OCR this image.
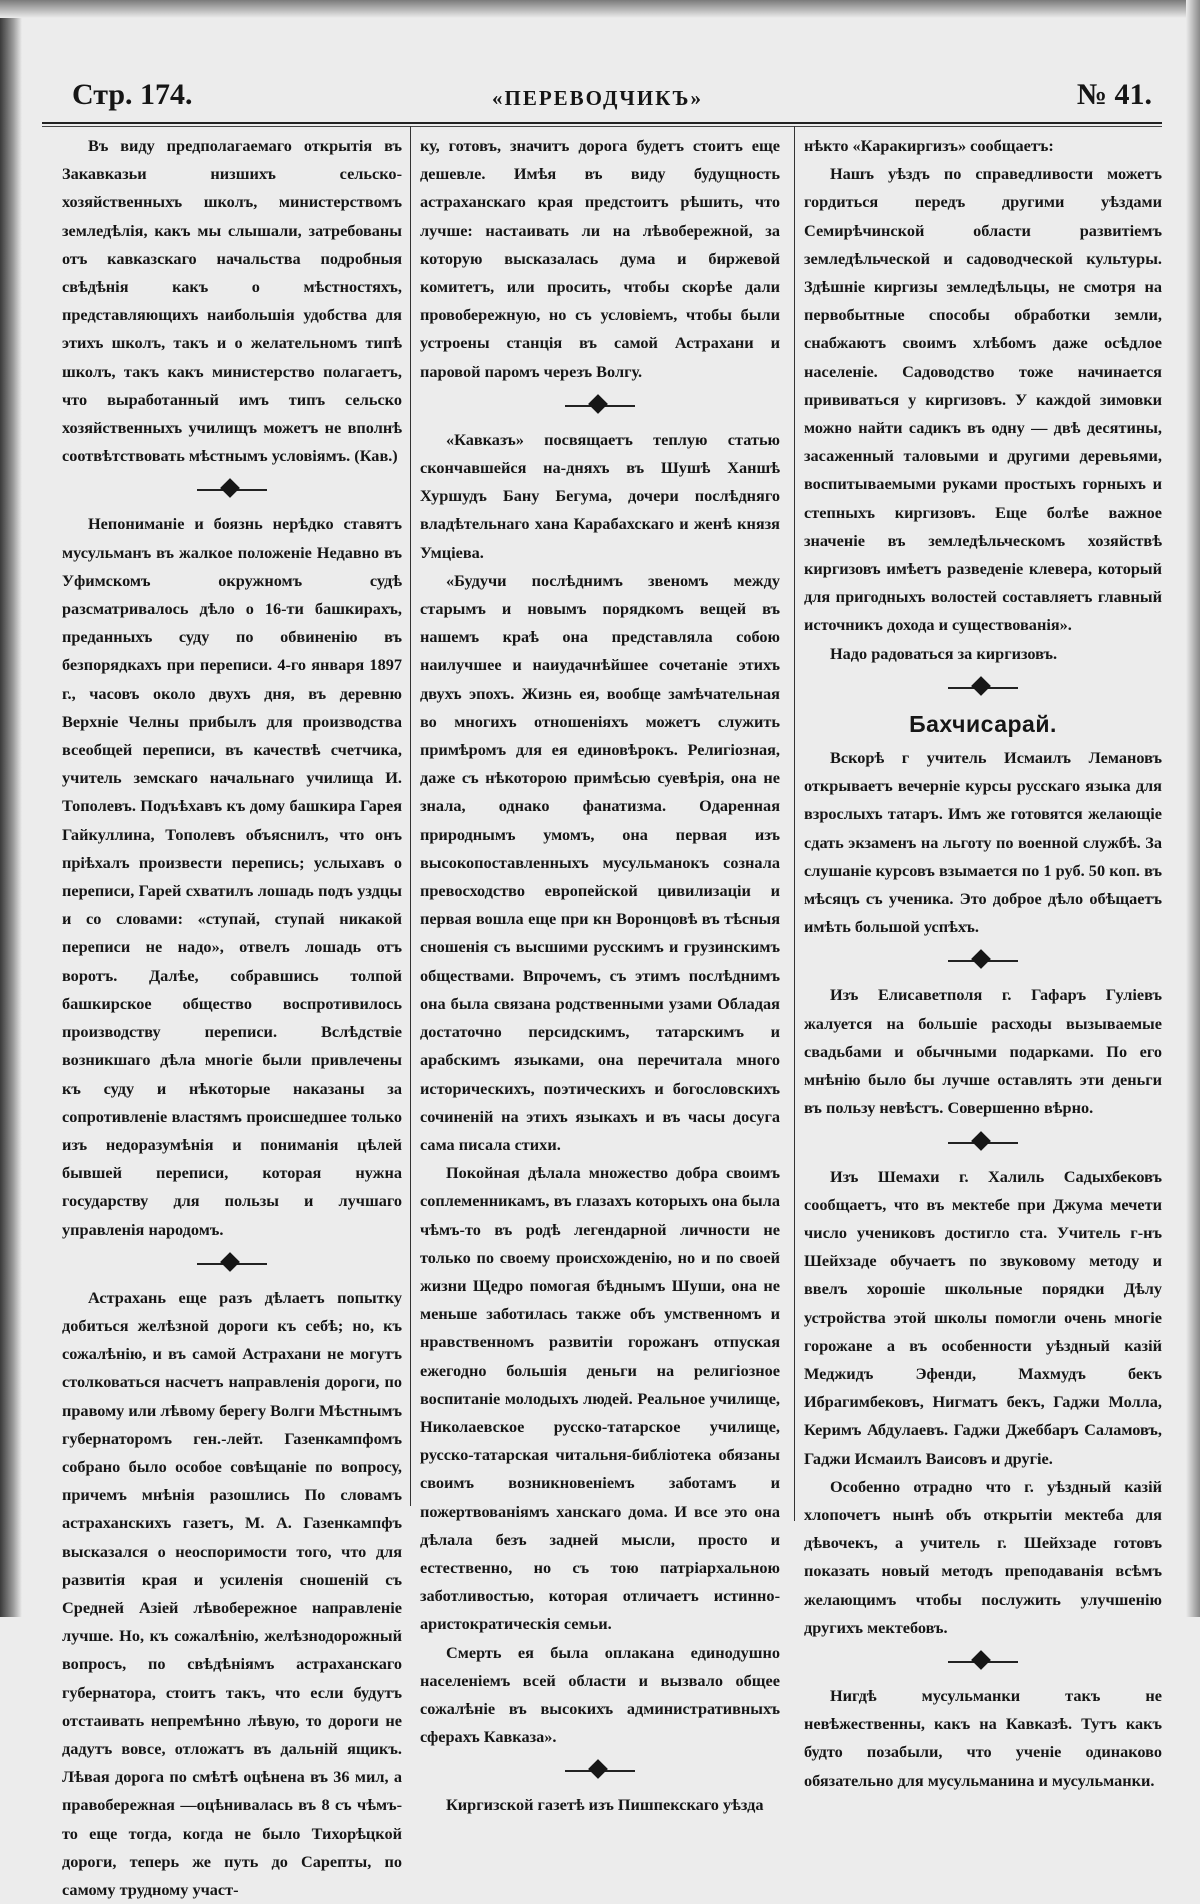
Стр. 174.	«ПЕРЕВОДЧИКЪ»	№ 41.

Въ виду предполагаемаго открытія въ Закавказьи низшихъ сельско-хозяйственныхъ школъ, министерствомъ земледѣлія, какъ мы слышали, затребованы отъ кавказскаго начальства подробныя свѣдѣнія какъ о мѣстностяхъ, представляющихъ наибольшія удобства для этихъ школъ, такъ и о желательномъ типѣ школъ, такъ какъ министерство полагаетъ, что выработанный имъ типъ сельско хозяйственныхъ училищъ можетъ не вполнѣ соотвѣтствовать мѣстнымъ условіямъ. (Кав.)

Непониманіе и боязнь нерѣдко ставятъ мусульманъ въ жалкое положеніе Недавно въ Уфимскомъ окружномъ судѣ разсматривалось дѣло о 16-ти башкирахъ, преданныхъ суду по обвиненію въ безпорядкахъ при переписи. 4-го января 1897 г., часовъ около двухъ дня, въ деревню Верхніе Челны прибылъ для производства всеобщей переписи, въ качествѣ счетчика, учитель земскаго начальнаго училища И. Тополевъ. Подъѣхавъ къ дому башкира Гарея Гайкуллина, Тополевъ объяснилъ, что онъ пріѣхалъ произвести перепись; услыхавъ о переписи, Гарей схватилъ лошадь подъ уздцы и со словами: «ступай, ступай никакой переписи не надо», отвелъ лошадь отъ воротъ. Далѣе, собравшись толпой башкирское общество воспротивилось производству переписи. Вслѣдствіе возникшаго дѣла многіе были привлечены къ суду и нѣкоторые наказаны за сопротивленіе властямъ происшедшее только изъ недоразумѣнія и пониманія цѣлей бывшей переписи, которая нужна государству для пользы и лучшаго управленія народомъ.

Астрахань еще разъ дѣлаетъ попытку добиться желѣзной дороги къ себѣ; но, къ сожалѣнію, и въ самой Астрахани не могутъ столковаться насчетъ направленія дороги, по правому или лѣвому берегу Волги Мѣстнымъ губернаторомъ ген.-лейт. Газенкампфомъ собрано было особое совѣщаніе по вопросу, причемъ мнѣнія разошлись По словамъ астраханскихъ газетъ, М. А. Газенкампфъ высказался о неоспоримости того, что для развитія края и усиленія сношеній съ Средней Азіей лѣвобережное направленіе лучше. Но, къ сожалѣнію, желѣзнодорожный вопросъ, по свѣдѣніямъ астраханскаго губернатора, стоитъ такъ, что если будутъ отстаивать непремѣнно лѣвую, то дороги не дадутъ вовсе, отложатъ въ дальній ящикъ. Лѣвая дорога по смѣтѣ оцѣнена въ 36 мил, а правобережная —оцѣнивалась въ 8 съ чѣмъ-то еще тогда, когда не было Тихорѣцкой дороги, теперь же путь до Сарепты, по самому трудному участ-

ку, готовъ, значитъ дорога будетъ стоитъ еще дешевле. Имѣя въ виду будущность астраханскаго края предстоитъ рѣшить, что лучше: настаивать ли на лѣвобережной, за которую высказалась дума и биржевой комитетъ, или просить, чтобы скорѣе дали провобережную, но съ условіемъ, чтобы были устроены станція въ самой Астрахани и паровой паромъ черезъ Волгу.

«Кавказъ» посвящаетъ теплую статью скончавшейся на-дняхъ въ Шушѣ Ханшѣ Хуршудъ Бану Бегума, дочери послѣдняго владѣтельнаго хана Карабахскаго и женѣ князя Умціева.

«Будучи послѣднимъ звеномъ между старымъ и новымъ порядкомъ вещей въ нашемъ краѣ она представляла собою наилучшее и наиудачнѣйшее сочетаніе этихъ двухъ эпохъ. Жизнь ея, вообще замѣчательная во многихъ отношеніяхъ можетъ служить примѣромъ для ея единовѣрокъ. Религіозная, даже съ нѣкоторою примѣсью суевѣрія, она не знала, однако фанатизма. Одаренная природнымъ умомъ, она первая изъ высокопоставленныхъ мусульманокъ сознала превосходство европейской цивилизаціи и первая вошла еще при кн Воронцовѣ въ тѣсныя сношенія съ высшими русскимъ и грузинскимъ обществами. Впрочемъ, съ этимъ послѣднимъ она была связана родственными узами Обладая достаточно персидскимъ, татарскимъ и арабскимъ языками, она перечитала много историческихъ, поэтическихъ и богословскихъ сочиненій на этихъ языкахъ и въ часы досуга сама писала стихи.

Покойная дѣлала множество добра своимъ соплеменникамъ, въ глазахъ которыхъ она была чѣмъ-то въ родѣ легендарной личности не только по своему происхожденію, но и по своей жизни Щедро помогая бѣднымъ Шуши, она не меньше заботилась также объ умственномъ и нравственномъ развитіи горожанъ отпуская ежегодно большія деньги на религіозное воспитаніе молодыхъ людей. Реальное училище, Николаевское русско-татарское училище, русско-татарская читальня-библіотека обязаны своимъ возникновеніемъ заботамъ и пожертвованіямъ ханскаго дома. И все это она дѣлала безъ задней мысли, просто и естественно, но съ тою патріархальною заботливостью, которая отличаетъ истинно-аристократическія семьи.

Смерть ея была оплакана единодушно населеніемъ всей области и вызвало общее сожалѣніе въ высокихъ административныхъ сферахъ Кавказа».

Киргизской газетѣ изъ Пишпекскаго уѣзда

нѣкто «Каракиргизъ» сообщаетъ:

Нашъ уѣздъ по справедливости можетъ гордиться передъ другими уѣздами Семирѣчинской области развитіемъ земледѣльческой и садоводческой культуры. Здѣшніе киргизы земледѣльцы, не смотря на первобытные способы обработки земли, снабжаютъ своимъ хлѣбомъ даже осѣдлое населеніе. Садоводство тоже начинается прививаться у киргизовъ. У каждой зимовки можно найти садикъ въ одну — двѣ десятины, засаженный таловыми и другими деревьями, воспитываемыми руками простыхъ горныхъ и степныхъ киргизовъ. Еще болѣе важное значеніе въ земледѣльческомъ хозяйствѣ киргизовъ имѣетъ разведеніе клевера, который для пригодныхъ волостей составляетъ главный источникъ дохода и существованія».

Надо радоваться за киргизовъ.

Бахчисарай.

Вскорѣ г учитель Исмаилъ Лемановъ открываетъ вечерніе курсы русскаго языка для взрослыхъ татаръ. Имъ же готовятся желающіе сдать экзаменъ на льготу по военной службѣ. За слушаніе курсовъ взымается по 1 руб. 50 коп. въ мѣсяцъ съ ученика. Это доброе дѣло обѣщаетъ имѣть большой успѣхъ.

Изъ Елисаветполя г. Гафаръ Гуліевъ жалуется на большіе расходы вызываемые свадьбами и обычными подарками. По его мнѣнію было бы лучше оставлять эти деньги въ пользу невѣстъ. Совершенно вѣрно.

Изъ Шемахи г. Халиль Садыхбековъ сообщаетъ, что въ мектебе при Джума мечети число учениковъ достигло ста. Учитель г-нъ Шейхзаде обучаетъ по звуковому методу и ввелъ хорошіе школьные порядки Дѣлу устройства этой школы помогли очень многіе горожане а въ особенности уѣздный казій Меджидъ Эфенди, Махмудъ бекъ Ибрагимбековъ, Нигматъ бекъ, Гаджи Молла, Керимъ Абдулаевъ. Гаджи Джеббаръ Саламовъ, Гаджи Исмаилъ Ваисовъ и другіе.

Особенно отрадно что г. уѣздный казій хлопочетъ нынѣ объ открытіи мектеба для дѣвочекъ, а учитель г. Шейхзаде готовъ показать новый методъ преподаванія всѣмъ желающимъ чтобы послужить улучшенію другихъ мектебовъ.

Нигдѣ мусульманки такъ не невѣжественны, какъ на Кавказѣ. Тутъ какъ будто позабыли, что ученіе одинаково обязательно для мусульманина и мусульманки.
